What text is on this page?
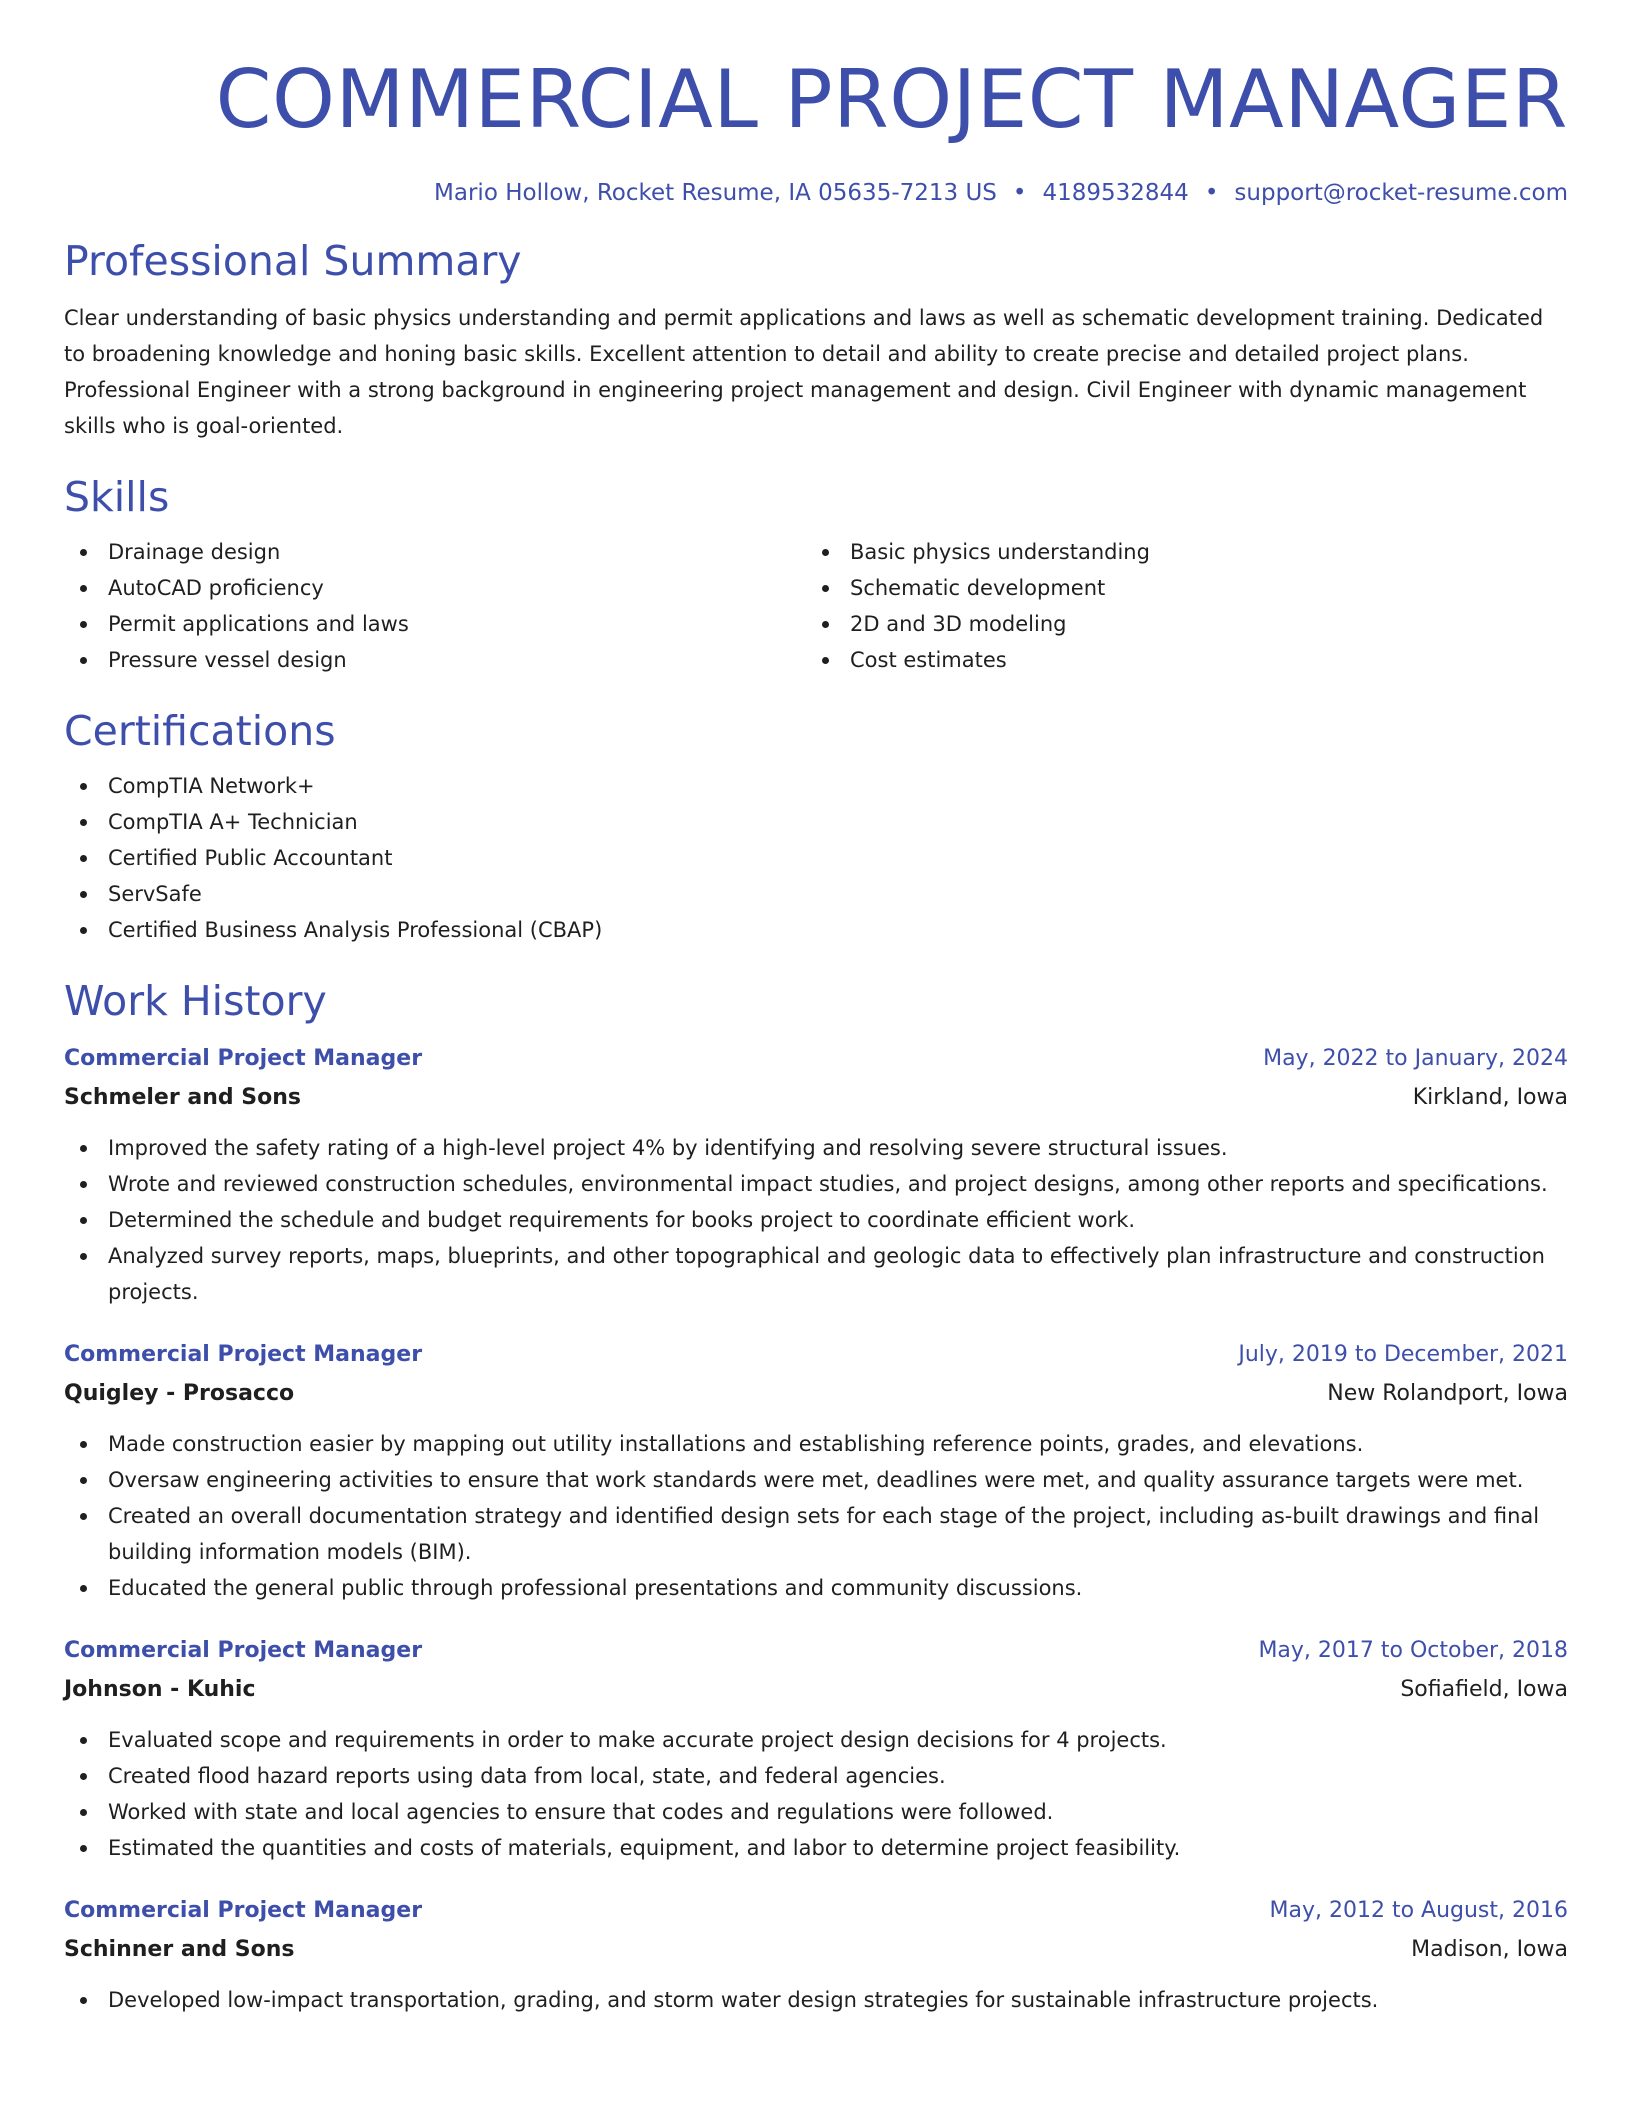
COMMERCIAL PROJECT MANAGER
Mario Hollow, Rocket Resume, IA 05635-7213 US • 4189532844 • support@rocket-resume.com
Professional Summary

Clear understanding of basic physics understanding and permit applications and laws as well as schematic development training. Dedicated to broadening knowledge and honing basic skills. Excellent attention to detail and ability to create precise and detailed project plans. Professional Engineer with a strong background in engineering project management and design. Civil Engineer with dynamic management skills who is goal-oriented.

Skills
Drainage design
AutoCAD proficiency
Permit applications and laws
Pressure vessel design
Basic physics understanding
Schematic development
2D and 3D modeling
Cost estimates
Certifications
CompTIA Network+
CompTIA A+ Technician
Certified Public Accountant
ServSafe
Certified Business Analysis Professional (CBAP)
Work History
Commercial Project Manager	May, 2022 to January, 2024
Schmeler and Sons	Kirkland, Iowa
Improved the safety rating of a high-level project 4% by identifying and resolving severe structural issues.
Wrote and reviewed construction schedules, environmental impact studies, and project designs, among other reports and specifications.
Determined the schedule and budget requirements for books project to coordinate efficient work.
Analyzed survey reports, maps, blueprints, and other topographical and geologic data to effectively plan infrastructure and construction projects.
Commercial Project Manager	July, 2019 to December, 2021
Quigley - Prosacco	New Rolandport, Iowa
Made construction easier by mapping out utility installations and establishing reference points, grades, and elevations.
Oversaw engineering activities to ensure that work standards were met, deadlines were met, and quality assurance targets were met.
Created an overall documentation strategy and identified design sets for each stage of the project, including as-built drawings and final building information models (BIM).
Educated the general public through professional presentations and community discussions.
Commercial Project Manager	May, 2017 to October, 2018
Johnson - Kuhic	Sofiafield, Iowa
Evaluated scope and requirements in order to make accurate project design decisions for 4 projects.
Created flood hazard reports using data from local, state, and federal agencies.
Worked with state and local agencies to ensure that codes and regulations were followed.
Estimated the quantities and costs of materials, equipment, and labor to determine project feasibility.
Commercial Project Manager	May, 2012 to August, 2016
Schinner and Sons	Madison, Iowa
Developed low-impact transportation, grading, and storm water design strategies for sustainable infrastructure projects.
